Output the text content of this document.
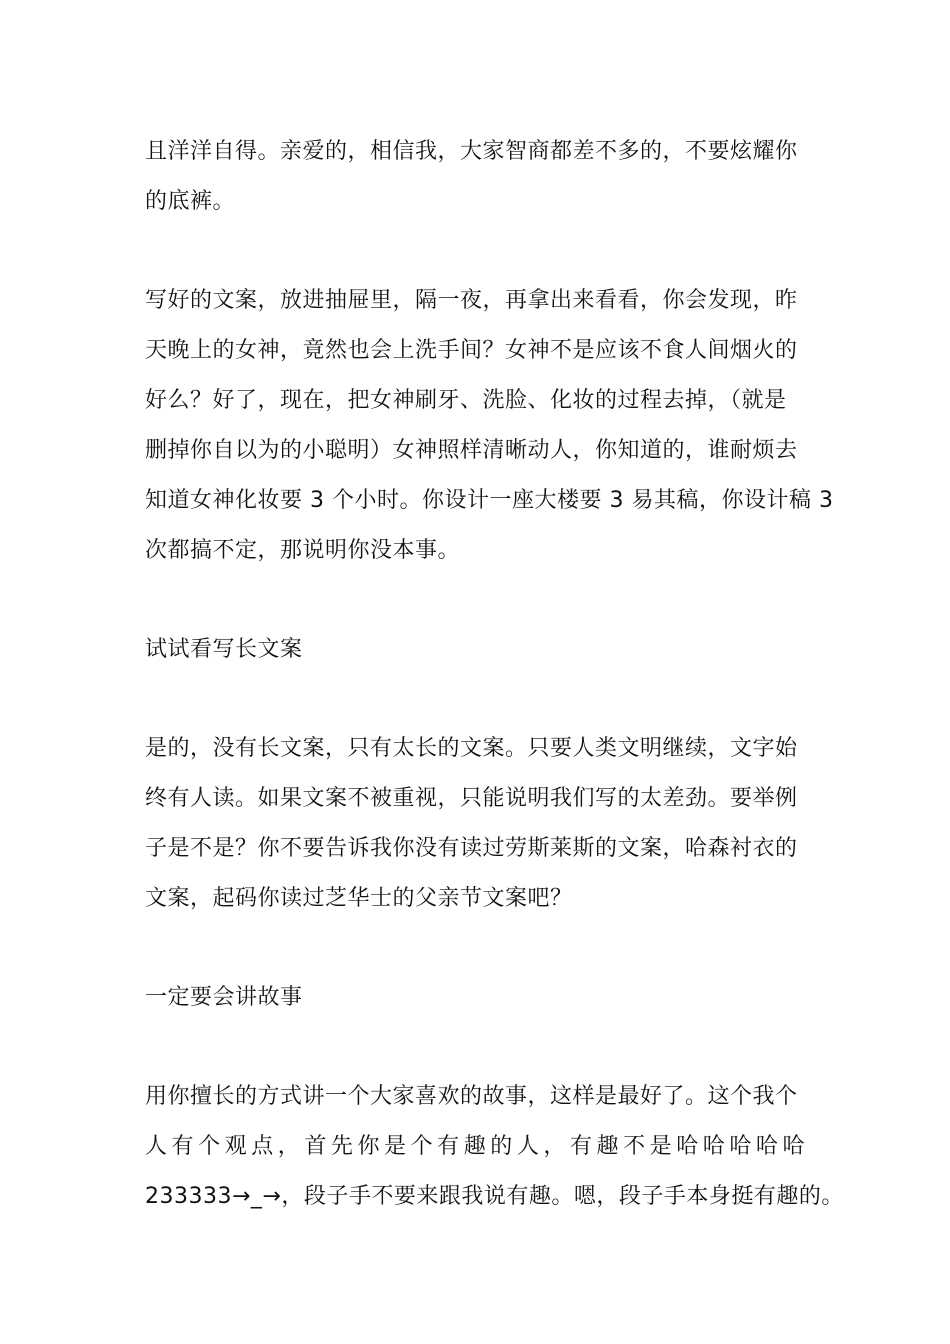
且洋洋自得。亲爱的，相信我，大家智商都差不多的，不要炫耀你
的底裤。
写好的文案，放进抽屉里，隔一夜，再拿出来看看，你会发现，昨
天晚上的女神，竟然也会上洗手间？女神不是应该不食人间烟火的
好么？好了，现在，把女神刷牙、洗脸、化妆的过程去掉，（就是
删掉你自以为的小聪明）女神照样清晰动人，你知道的，谁耐烦去
知道女神化妆要 3 个小时。你设计一座大楼要 3 易其稿，你设计稿 3
次都搞不定，那说明你没本事。
试试看写长文案
是的，没有长文案，只有太长的文案。只要人类文明继续，文字始
终有人读。如果文案不被重视，只能说明我们写的太差劲。要举例
子是不是？你不要告诉我你没有读过劳斯莱斯的文案，哈森衬衣的
文案，起码你读过芝华士的父亲节文案吧？
一定要会讲故事
用你擅长的方式讲一个大家喜欢的故事，这样是最好了。这个我个
人有个观点，首先你是个有趣的人，有趣不是哈哈哈哈哈
233333→_→，段子手不要来跟我说有趣。嗯，段子手本身挺有趣的。
